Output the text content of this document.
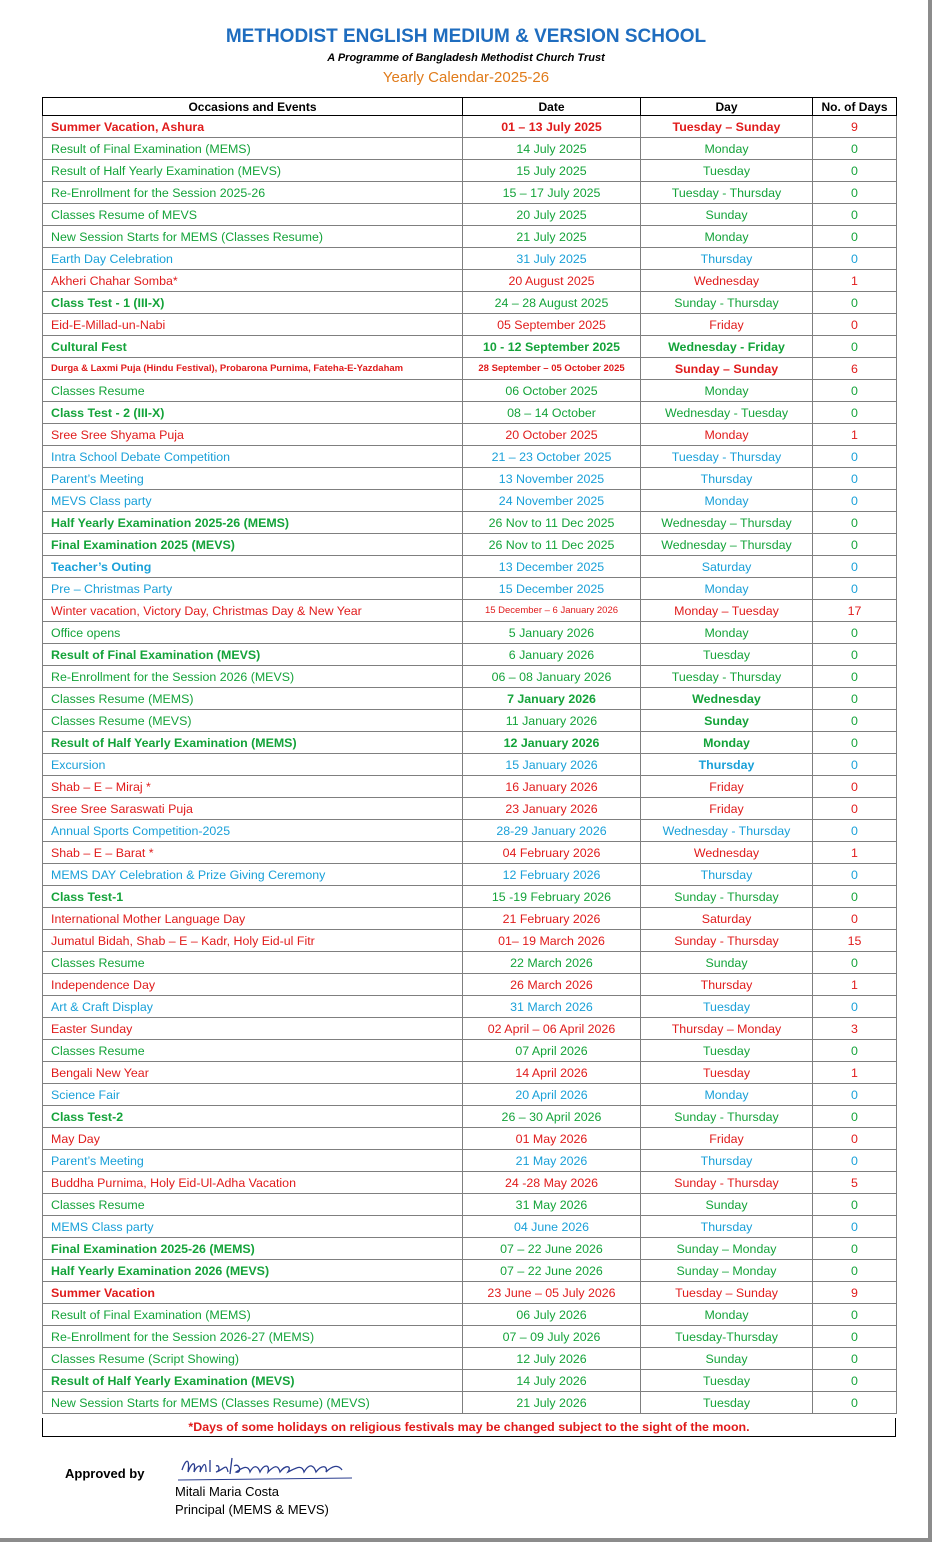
METHODIST ENGLISH MEDIUM & VERSION SCHOOL
A Programme of Bangladesh Methodist Church Trust
Yearly Calendar-2025-26
Occasions and Events	Date	Day	No. of Days
Summer Vacation, Ashura	01 – 13 July 2025	Tuesday – Sunday	9
Result of Final Examination (MEMS)	14 July 2025	Monday	0
Result of Half Yearly Examination (MEVS)	15 July 2025	Tuesday	0
Re-Enrollment for the Session 2025-26	15 – 17 July 2025	Tuesday - Thursday	0
Classes Resume of MEVS	20 July 2025	Sunday	0
New Session Starts for MEMS (Classes Resume)	21 July 2025	Monday	0
Earth Day Celebration	31 July 2025	Thursday	0
Akheri Chahar Somba*	20 August 2025	Wednesday	1
Class Test - 1 (III-X)	24 – 28 August 2025	Sunday - Thursday	0
Eid-E-Millad-un-Nabi	05 September 2025	Friday	0
Cultural Fest	10 - 12 September 2025	Wednesday - Friday	0
Durga & Laxmi Puja (Hindu Festival), Probarona Purnima, Fateha-E-Yazdaham	28 September – 05 October 2025	Sunday – Sunday	6
Classes Resume	06 October 2025	Monday	0
Class Test - 2 (III-X)	08 – 14 October	Wednesday - Tuesday	0
Sree Sree Shyama Puja	20 October 2025	Monday	1
Intra School Debate Competition	21 – 23 October 2025	Tuesday - Thursday	0
Parent’s Meeting	13 November 2025	Thursday	0
MEVS Class party	24 November 2025	Monday	0
Half Yearly Examination 2025-26 (MEMS)	26 Nov to 11 Dec 2025	Wednesday – Thursday	0
Final Examination 2025 (MEVS)	26 Nov to 11 Dec 2025	Wednesday – Thursday	0
Teacher’s Outing	13 December 2025	Saturday	0
Pre – Christmas Party	15 December 2025	Monday	0
Winter vacation, Victory Day, Christmas Day & New Year	15 December – 6 January 2026	Monday – Tuesday	17
Office opens	5 January 2026	Monday	0
Result of Final Examination (MEVS)	6 January 2026	Tuesday	0
Re-Enrollment for the Session 2026 (MEVS)	06 – 08 January 2026	Tuesday - Thursday	0
Classes Resume (MEMS)	7 January 2026	Wednesday	0
Classes Resume (MEVS)	11 January 2026	Sunday	0
Result of Half Yearly Examination (MEMS)	12 January 2026	Monday	0
Excursion	15 January 2026	Thursday	0
Shab – E – Miraj *	16 January 2026	Friday	0
Sree Sree Saraswati Puja	23 January 2026	Friday	0
Annual Sports Competition-2025	28-29 January 2026	Wednesday - Thursday	0
Shab – E – Barat *	04 February 2026	Wednesday	1
MEMS DAY Celebration & Prize Giving Ceremony	12 February 2026	Thursday	0
Class Test-1	15 -19 February 2026	Sunday - Thursday	0
International Mother Language Day	21 February 2026	Saturday	0
Jumatul Bidah, Shab – E – Kadr, Holy Eid-ul Fitr	01– 19 March 2026	Sunday - Thursday	15
Classes Resume	22 March 2026	Sunday	0
Independence Day	26 March 2026	Thursday	1
Art & Craft Display	31 March 2026	Tuesday	0
Easter Sunday	02 April – 06 April 2026	Thursday – Monday	3
Classes Resume	07 April 2026	Tuesday	0
Bengali New Year	14 April 2026	Tuesday	1
Science Fair	20 April 2026	Monday	0
Class Test-2	26 – 30 April 2026	Sunday - Thursday	0
May Day	01 May 2026	Friday	0
Parent’s Meeting	21 May 2026	Thursday	0
Buddha Purnima, Holy Eid-Ul-Adha Vacation	24 -28 May 2026	Sunday - Thursday	5
Classes Resume	31 May 2026	Sunday	0
MEMS Class party	04 June 2026	Thursday	0
Final Examination 2025-26 (MEMS)	07 – 22 June 2026	Sunday – Monday	0
Half Yearly Examination 2026 (MEVS)	07 – 22 June 2026	Sunday – Monday	0
Summer Vacation	23 June – 05 July 2026	Tuesday – Sunday	9
Result of Final Examination (MEMS)	06 July 2026	Monday	0
Re-Enrollment for the Session 2026-27 (MEMS)	07 – 09 July 2026	Tuesday-Thursday	0
Classes Resume (Script Showing)	12 July 2026	Sunday	0
Result of Half Yearly Examination (MEVS)	14 July 2026	Tuesday	0
New Session Starts for MEMS (Classes Resume) (MEVS)	21 July 2026	Tuesday	0
*Days of some holidays on religious festivals may be changed subject to the sight of the moon.
Approved by
Mitali Maria Costa
Principal (MEMS & MEVS)
